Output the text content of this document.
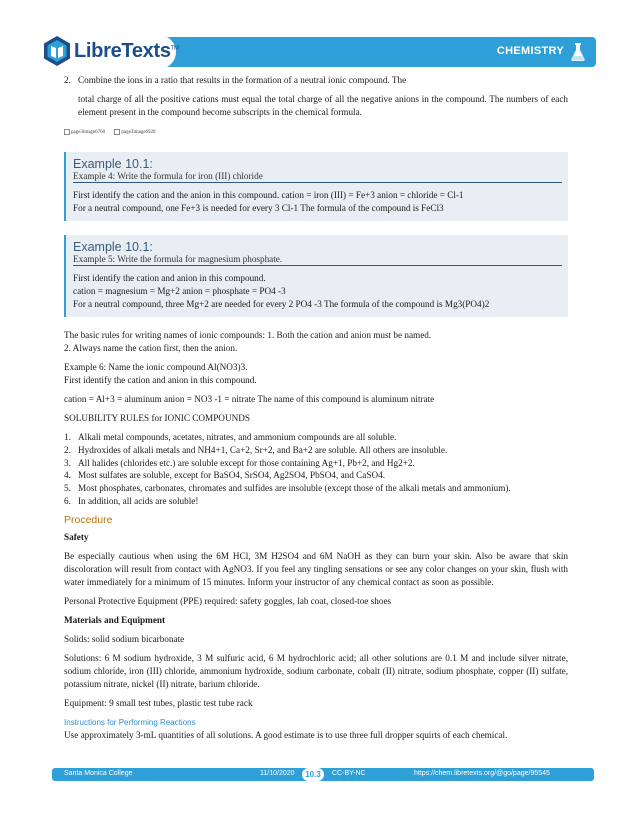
CHEMISTRY
LibreTexts™
2. Combine the ions in a ratio that results in the formation of a neutral ionic compound. The

total charge of all the positive cations must equal the total charge of all the negative anions in the compound. The numbers of each element present in the compound become subscripts in the chemical formula.

page3image6760	page3image6920
Example 10.1:
Example 4: Write the formula for iron (III) chloride

First identify the cation and the anion in this compound. cation = iron (III) = Fe+3 anion = chloride = Cl-1

For a neutral compound, one Fe+3 is needed for every 3 Cl-1 The formula of the compound is FeCl3

Example 10.1:
Example 5: Write the formula for magnesium phosphate.

First identify the cation and anion in this compound.

cation = magnesium = Mg+2 anion = phosphate = PO4 -3

For a neutral compound, three Mg+2 are needed for every 2 PO4 -3 The formula of the compound is Mg3(PO4)2

The basic rules for writing names of ionic compounds: 1. Both the cation and anion must be named.

2. Always name the cation first, then the anion.

Example 6: Name the ionic compound Al(NO3)3.

First identify the cation and anion in this compound.

cation = Al+3 = aluminum anion = NO3 -1 = nitrate The name of this compound is aluminum nitrate

SOLUBILITY RULES for IONIC COMPOUNDS

1. Alkali metal compounds, acetates, nitrates, and ammonium compounds are all soluble.
2. Hydroxides of alkali metals and NH4+1, Ca+2, Sr+2, and Ba+2 are soluble. All others are insoluble.
3. All halides (chlorides etc.) are soluble except for those containing Ag+1, Pb+2, and Hg2+2.
4. Most sulfates are soluble, except for BaSO4, SrSO4, Ag2SO4, PbSO4, and CaSO4.
5. Most phosphates, carbonates, chromates and sulfides are insoluble (except those of the alkali metals and ammonium).
6. In addition, all acids are soluble!

Procedure

Safety

Be especially cautious when using the 6M HCl, 3M H2SO4 and 6M NaOH as they can burn your skin. Also be aware that skin discoloration will result from contact with AgNO3. If you feel any tingling sensations or see any color changes on your skin, flush with water immediately for a minimum of 15 minutes. Inform your instructor of any chemical contact as soon as possible.

Personal Protective Equipment (PPE) required: safety goggles, lab coat, closed-toe shoes

Materials and Equipment

Solids: solid sodium bicarbonate

Solutions: 6 M sodium hydroxide, 3 M sulfuric acid, 6 M hydrochloric acid; all other solutions are 0.1 M and include silver nitrate, sodium chloride, iron (III) chloride, ammonium hydroxide, sodium carbonate, cobalt (II) nitrate, sodium phosphate, copper (II) sulfate, potassium nitrate, nickel (II) nitrate, barium chloride.

Equipment: 9 small test tubes, plastic test tube rack

Instructions for Performing Reactions

Use approximately 3-mL quantities of all solutions. A good estimate is to use three full dropper squirts of each chemical.

Santa Monica College	11/10/2020	10.3	CC-BY-NC	https://chem.libretexts.org/@go/page/95545
